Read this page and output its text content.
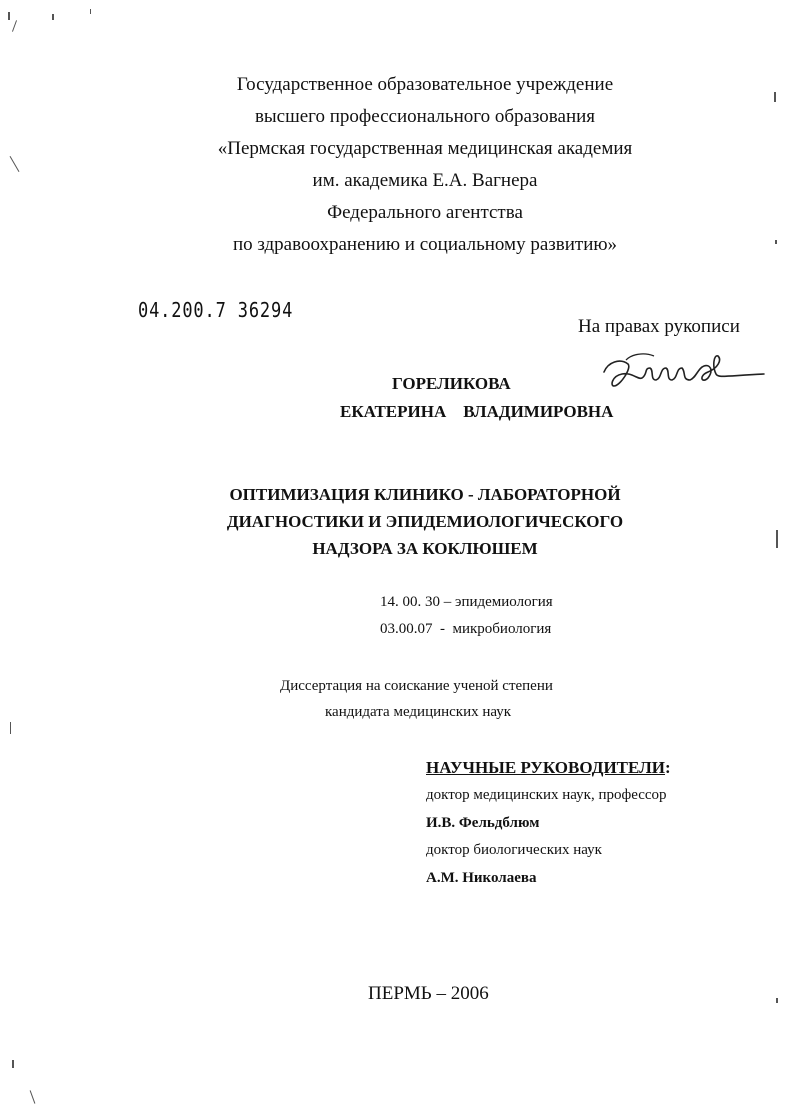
Государственное образовательное учреждение
высшего профессионального образования
«Пермская государственная медицинская академия
им. академика Е.А. Вагнера
Федерального агентства
по здравоохранению и социальному развитию»
04.200.7 36294
На правах рукописи
ГОРЕЛИКОВА
ЕКАТЕРИНА    ВЛАДИМИРОВНА
ОПТИМИЗАЦИЯ КЛИНИКО - ЛАБОРАТОРНОЙ
ДИАГНОСТИКИ И ЭПИДЕМИОЛОГИЧЕСКОГО
НАДЗОРА ЗА КОКЛЮШЕМ
14. 00. 30 – эпидемиология
03.00.07  -  микробиология
Диссертация на соискание ученой степени
кандидата медицинских наук
НАУЧНЫЕ РУКОВОДИТЕЛИ:
доктор медицинских наук, профессор
И.В. Фельдблюм
доктор биологических наук
А.М. Николаева
ПЕРМЬ – 2006
